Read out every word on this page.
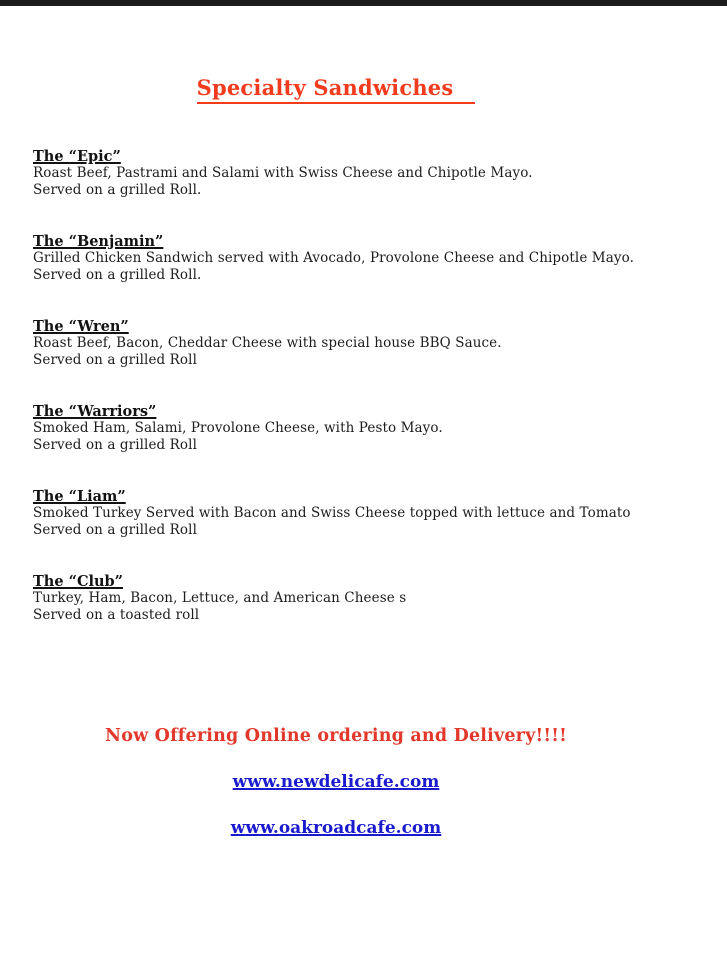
Specialty Sandwiches
The “Epic”
Roast Beef, Pastrami and Salami with Swiss Cheese and Chipotle Mayo.
Served on a grilled Roll.
The “Benjamin”
Grilled Chicken Sandwich served with Avocado, Provolone Cheese and Chipotle Mayo.
Served on a grilled Roll.
The “Wren”
Roast Beef, Bacon, Cheddar Cheese with special house BBQ Sauce.
Served on a grilled Roll
The “Warriors”
Smoked Ham, Salami, Provolone Cheese, with Pesto Mayo.
Served on a grilled Roll
The “Liam”
Smoked Turkey Served with Bacon and Swiss Cheese topped with lettuce and Tomato
Served on a grilled Roll
The “Club”
Turkey, Ham, Bacon, Lettuce, and American Cheese s
Served on a toasted roll
Now Offering Online ordering and Delivery!!!!
www.newdelicafe.com
www.oakroadcafe.com
